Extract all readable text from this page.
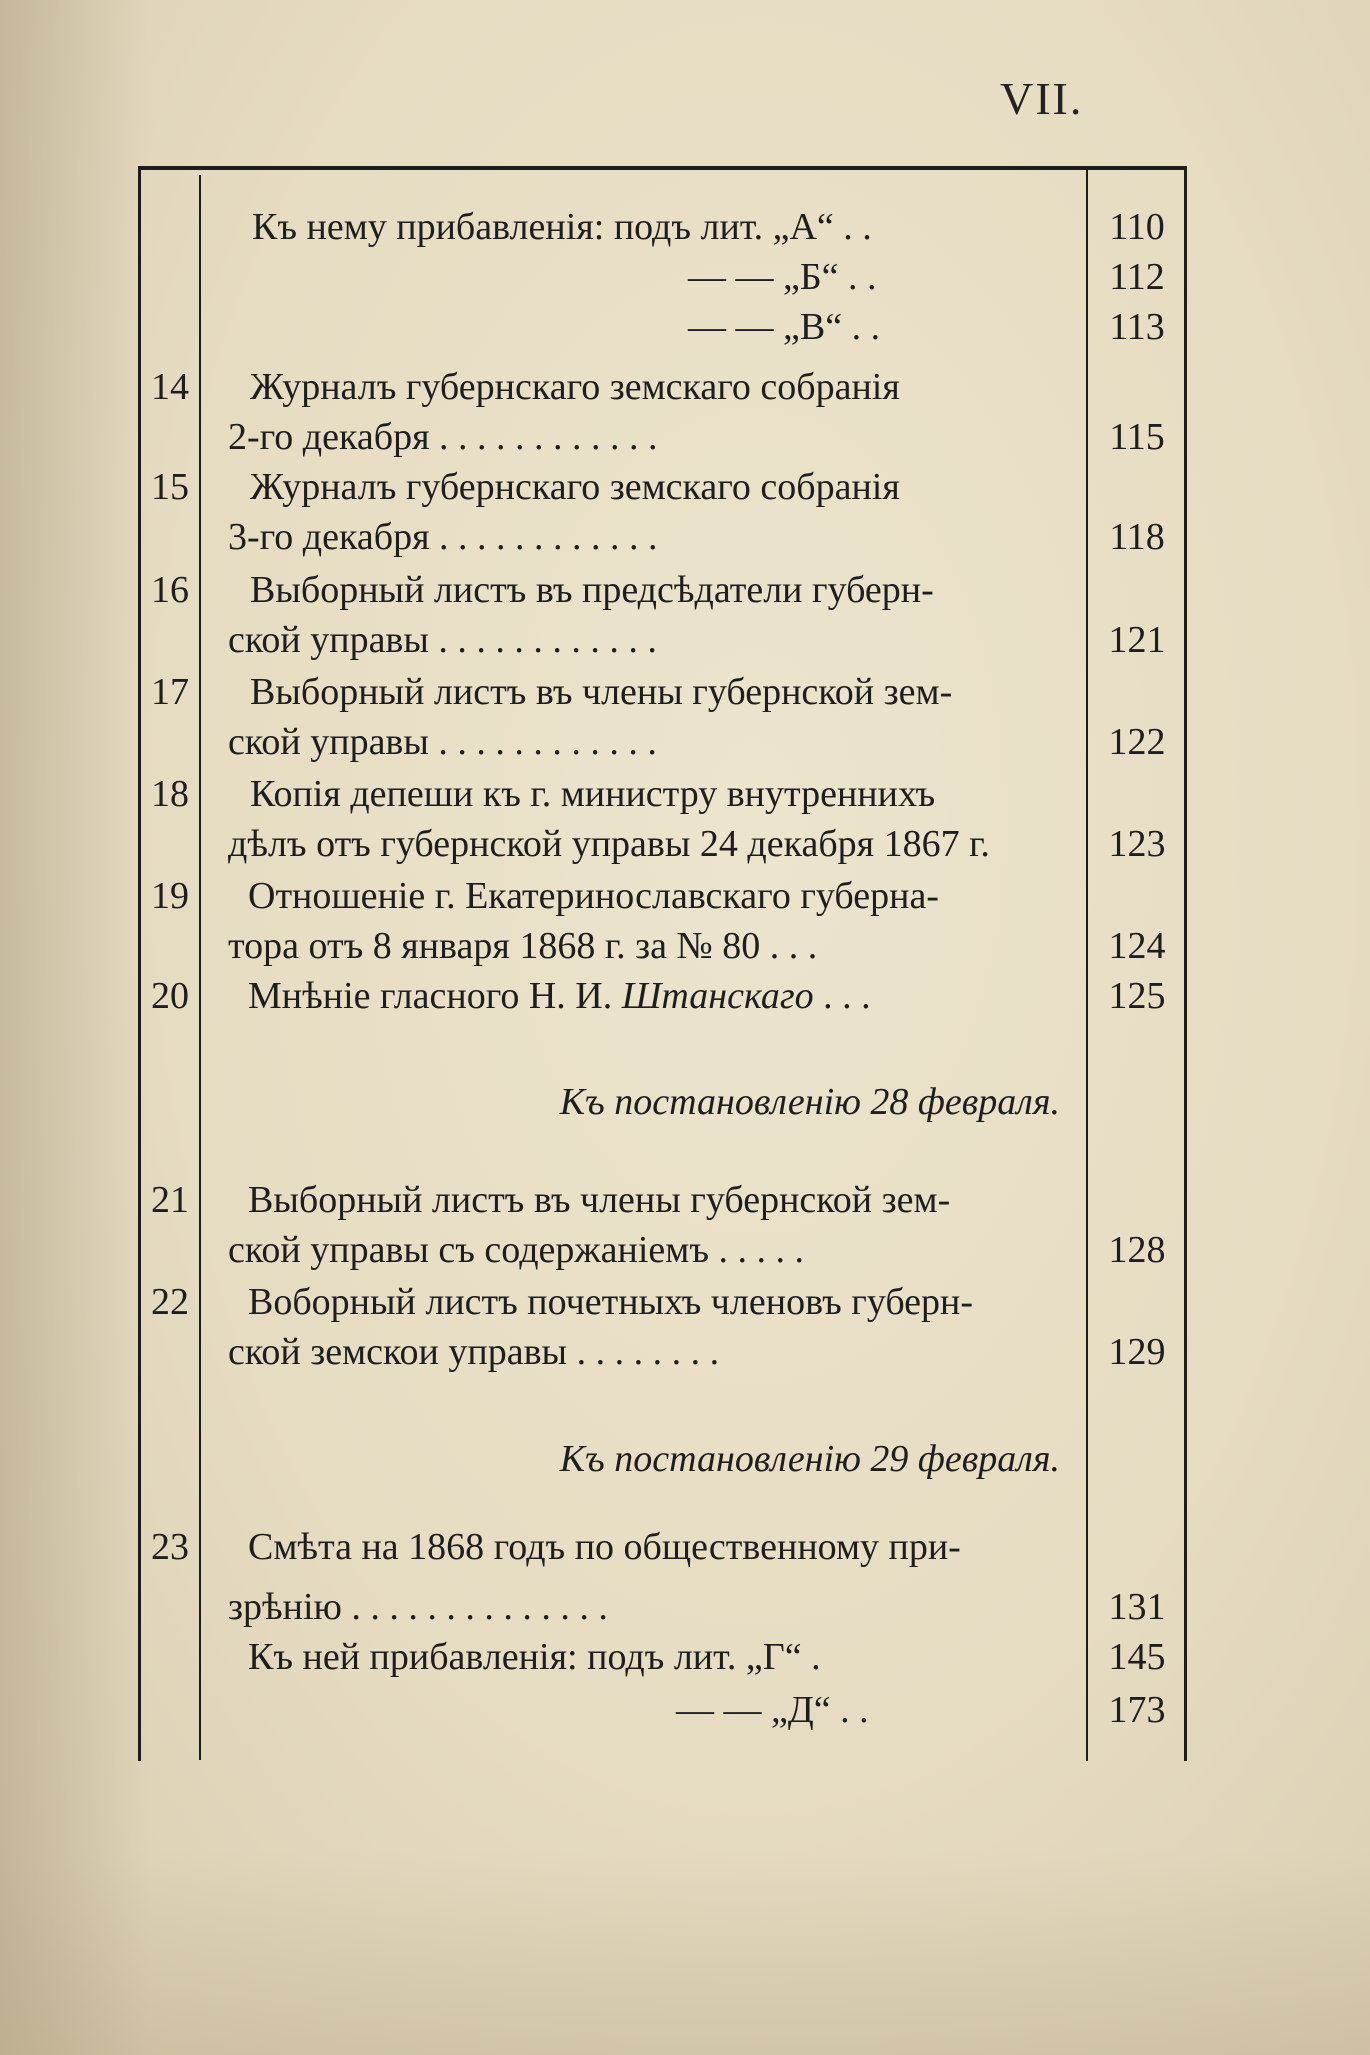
VII.
Къ нему прибавленія: подъ лит. „А“ . .	110
— — „Б“ . .	112
— — „В“ . .	113
14 Журналъ губернскаго земскаго собранія
2-го декабря . . . . . . . . . . . .	115
15 Журналъ губернскаго земскаго собранія
3-го декабря . . . . . . . . . . . .	118
16 Выборный листъ въ предсѣдатели губерн-
ской управы . . . . . . . . . . . .	121
17 Выборный листъ въ члены губернской зем-
ской управы . . . . . . . . . . . .	122
18 Копія депеши къ г. министру внутреннихъ
дѣлъ отъ губернской управы 24 декабря 1867 г.	123
19 Отношеніе г. Екатеринославскаго губерна-
тора отъ 8 января 1868 г. за № 80 . . .	124
20 Мнѣніе гласного Н. И. Штанскаго . . .	125
Къ постановленію 28 февраля.
21 Выборный листъ въ члены губернской зем-
ской управы съ содержаніемъ . . . . .	128
22 Воборный листъ почетныхъ членовъ губерн-
ской земскои управы . . . . . . . .	129
Къ постановленію 29 февраля.
23 Смѣта на 1868 годъ по общественному при-
зрѣнію . . . . . . . . . . . . . .	131
Къ ней прибавленія: подъ лит. „Г“ .	145
— — „Д“ . .	173
